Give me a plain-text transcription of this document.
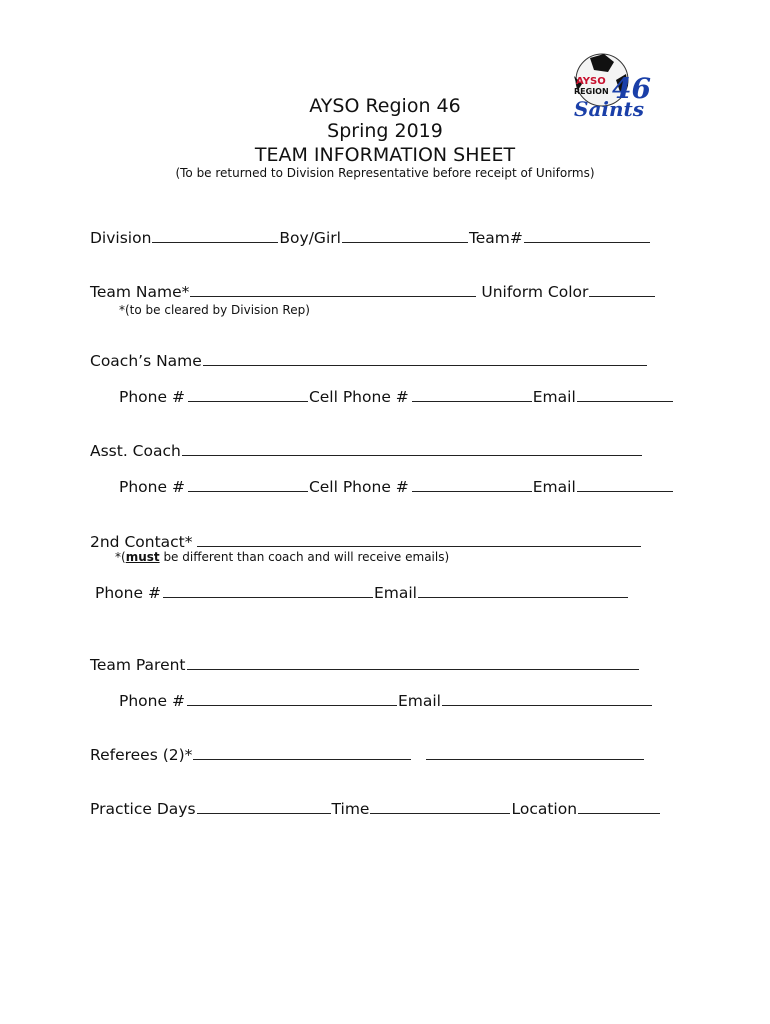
AYSO
REGION 46
Saints
AYSO Region 46
Spring 2019
TEAM INFORMATION SHEET
(To be returned to Division Representative before receipt of Uniforms)
Division	Boy/Girl	Team#
Team Name*	Uniform Color
*(to be cleared by Division Rep)
Coach’s Name
Phone #	Cell Phone #	Email
Asst. Coach
Phone #	Cell Phone #	Email
2nd Contact*
*(must be different than coach and will receive emails)
Phone #	Email
Team Parent
Phone #	Email
Referees (2)*
Practice Days	Time	Location
